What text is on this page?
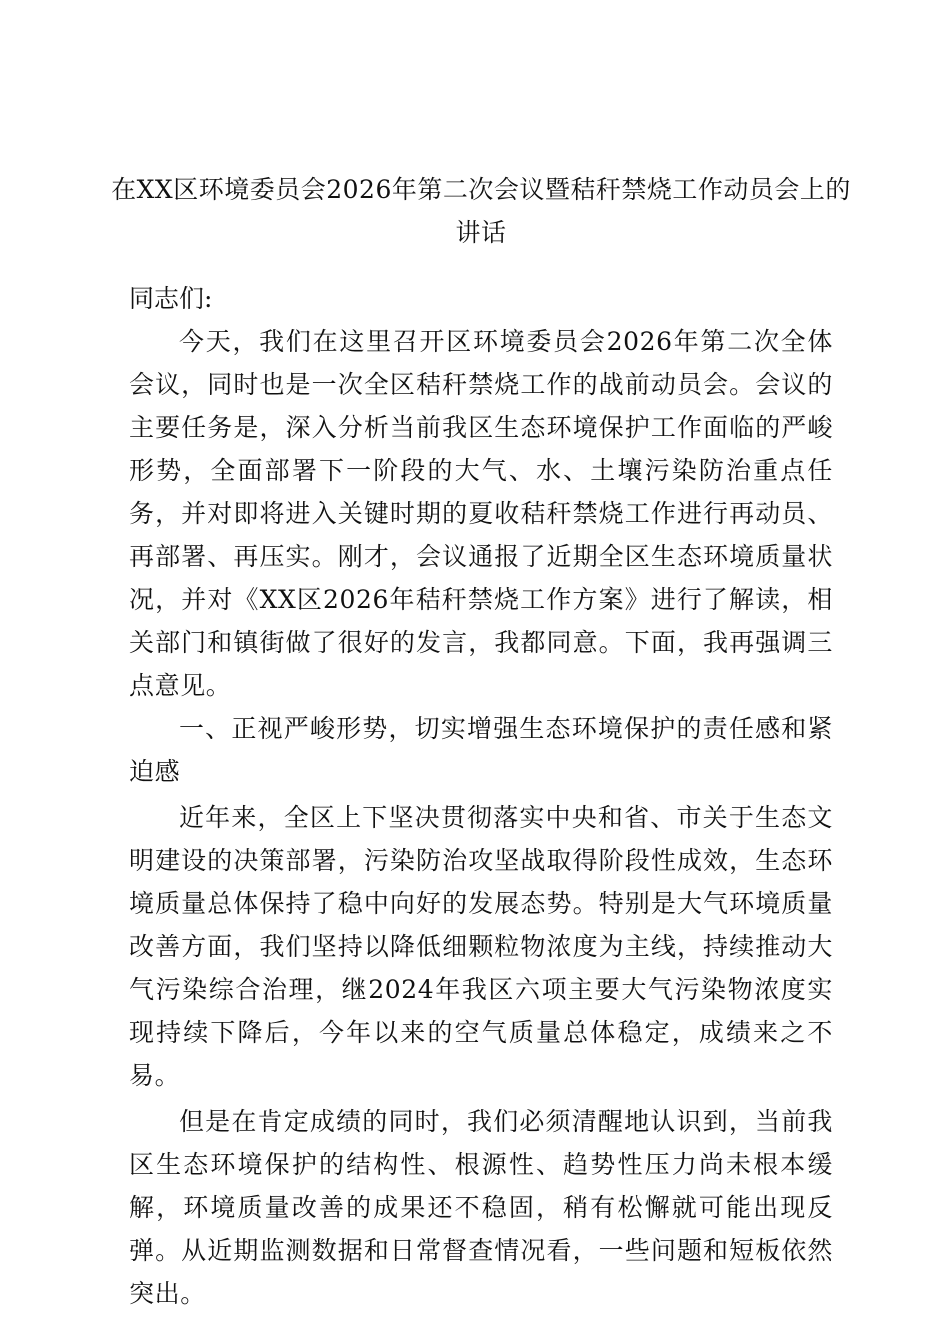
在XX区环境委员会2026年第二次会议暨秸秆禁烧工作动员会上的讲话

同志们:

今天，我们在这里召开区环境委员会2026年第二次全体会议，同时也是一次全区秸秆禁烧工作的战前动员会。会议的主要任务是，深入分析当前我区生态环境保护工作面临的严峻形势，全面部署下一阶段的大气、水、土壤污染防治重点任务，并对即将进入关键时期的夏收秸秆禁烧工作进行再动员、再部署、再压实。刚才，会议通报了近期全区生态环境质量状况，并对《XX区2026年秸秆禁烧工作方案》进行了解读，相关部门和镇街做了很好的发言，我都同意。下面，我再强调三点意见。

一、正视严峻形势，切实增强生态环境保护的责任感和紧迫感

近年来，全区上下坚决贯彻落实中央和省、市关于生态文明建设的决策部署，污染防治攻坚战取得阶段性成效，生态环境质量总体保持了稳中向好的发展态势。特别是大气环境质量改善方面，我们坚持以降低细颗粒物浓度为主线，持续推动大气污染综合治理，继2024年我区六项主要大气污染物浓度实现持续下降后，今年以来的空气质量总体稳定，成绩来之不易。

但是在肯定成绩的同时，我们必须清醒地认识到，当前我区生态环境保护的结构性、根源性、趋势性压力尚未根本缓解，环境质量改善的成果还不稳固，稍有松懈就可能出现反弹。从近期监测数据和日常督查情况看，一些问题和短板依然突出。
